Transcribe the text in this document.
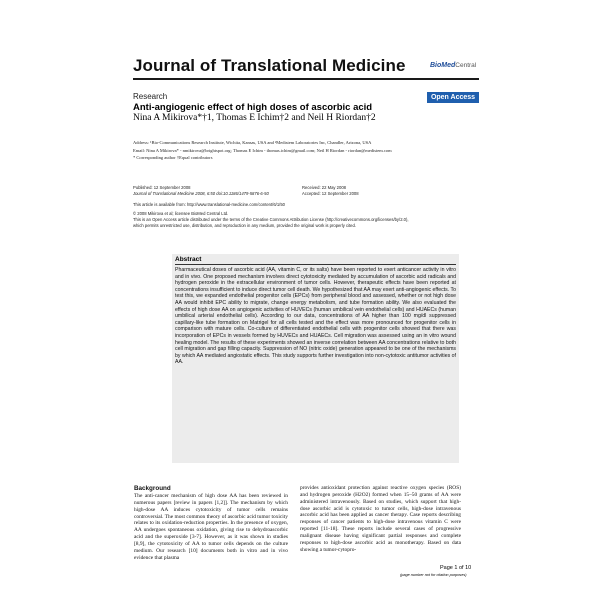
Journal of Translational Medicine	BioMedCentral
Research	Open Access
Anti-angiogenic effect of high doses of ascorbic acid
Nina A Mikirova*†1, Thomas E Ichim†2 and Neil H Riordan†2
Address: ¹Bio-Communications Research Institute, Wichita, Kansas, USA and ²Medistem Laboratories Inc, Chandler, Arizona, USA
Email: Nina A Mikirova* - nmikirova@brightspot.org; Thomas E Ichim - thomas.ichim@gmail.com; Neil H Riordan - riordan@medistem.com
* Corresponding author †Equal contributors
Published: 12 September 2008
Journal of Translational Medicine 2008, 6:50 doi:10.1186/1479-5876-6-50
Received: 22 May 2008
Accepted: 12 September 2008
This article is available from: http://www.translational-medicine.com/content/6/1/50
© 2008 Mikirova et al; licensee BioMed Central Ltd.
This is an Open Access article distributed under the terms of the Creative Commons Attribution License (http://creativecommons.org/licenses/by/2.0),
which permits unrestricted use, distribution, and reproduction in any medium, provided the original work is properly cited.
Abstract
Pharmaceutical doses of ascorbic acid (AA, vitamin C, or its salts) have been reported to exert anticancer activity in vitro and in vivo. One proposed mechanism involves direct cytotoxicity mediated by accumulation of ascorbic acid radicals and hydrogen peroxide in the extracellular environment of tumor cells. However, therapeutic effects have been reported at concentrations insufficient to induce direct tumor cell death. We hypothesized that AA may exert anti-angiogenic effects. To test this, we expanded endothelial progenitor cells (EPCs) from peripheral blood and assessed, whether or not high dose AA would inhibit EPC ability to migrate, change energy metabolism, and tube formation ability. We also evaluated the effects of high dose AA on angiogenic activities of HUVECs (human umbilical vein endothelial cells) and HUAECs (human umbilical arterial endothelial cells). According to our data, concentrations of AA higher than 100 mg/dl suppressed capillary-like tube formation on Matrigel for all cells tested and the effect was more pronounced for progenitor cells in comparison with mature cells. Co-culture of differentiated endothelial cells with progenitor cells showed that there was incorporation of EPCs in vessels formed by HUVECs and HUAECs. Cell migration was assessed using an in vitro wound healing model. The results of these experiments showed an inverse correlation between AA concentrations relative to both cell migration and gap filling capacity. Suppression of NO (nitric oxide) generation appeared to be one of the mechanisms by which AA mediated angiostatic effects. This study supports further investigation into non-cytotoxic antitumor activities of AA.
Background
The anti-cancer mechanism of high dose AA has been reviewed in numerous papers [review in papers [1,2]]. The mechanism by which high-dose AA induces cytotoxicity of tumor cells remains controversial. The most common theory of ascorbic acid tumor toxicity relates to its oxidation-reduction properties. In the presence of oxygen, AA undergoes spontaneous oxidation, giving rise to dehydroascorbic acid and the superoxide [3-7]. However, as it was shown in studies [8,9], the cytotoxicity of AA to tumor cells depends on the culture medium. Our research [10] documents both in vitro and in vivo evidence that plasma
provides antioxidant protection against reactive oxygen species (ROS) and hydrogen peroxide (H2O2) formed when 15–50 grams of AA were administered intravenously. Based on studies, which support that high-dose ascorbic acid is cytotoxic to tumor cells, high-dose intravenous ascorbic acid has been applied as cancer therapy. Case reports describing responses of cancer patients to high-dose intravenous vitamin C were reported [11-18]. These reports include several cases of progressive malignant disease having significant partial responses and complete responses to high-dose ascorbic acid as monotherapy. Based on data showing a tumor-cytopro-
Page 1 of 10
(page number not for citation purposes)
